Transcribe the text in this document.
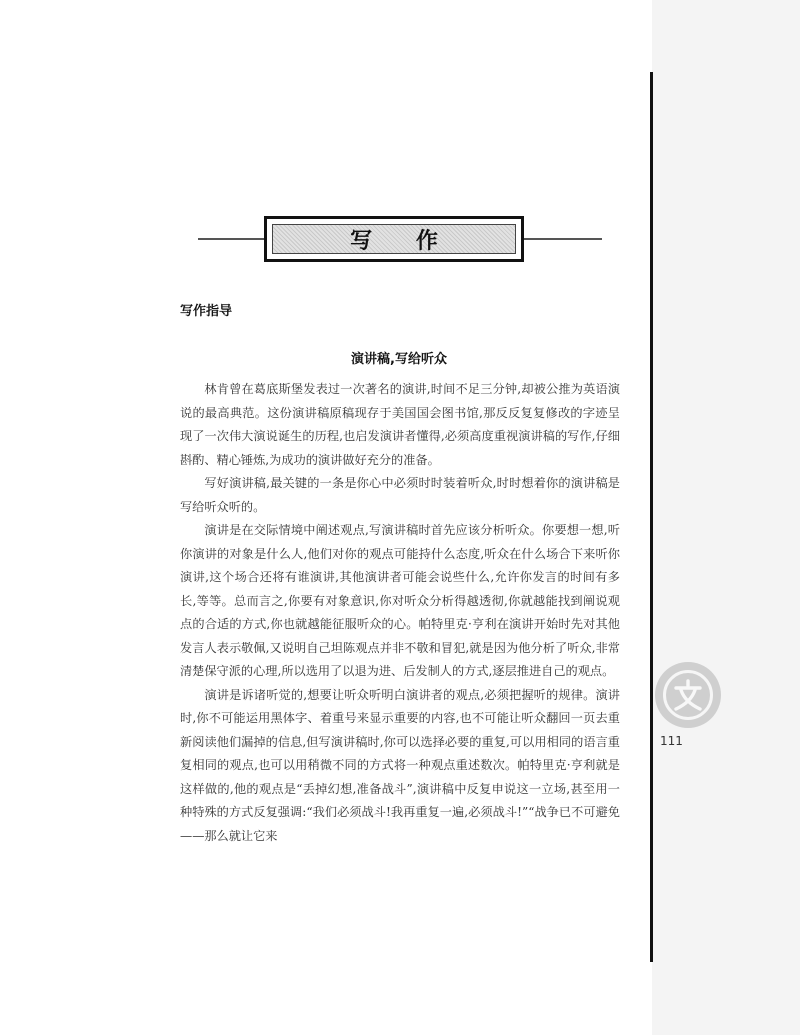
写 作
写作指导
演讲稿,写给听众

林肯曾在葛底斯堡发表过一次著名的演讲,时间不足三分钟,却被公推为英语演说的最高典范。这份演讲稿原稿现存于美国国会图书馆,那反反复复修改的字迹呈现了一次伟大演说诞生的历程,也启发演讲者懂得,必须高度重视演讲稿的写作,仔细斟酌、精心锤炼,为成功的演讲做好充分的准备。

写好演讲稿,最关键的一条是你心中必须时时装着听众,时时想着你的演讲稿是写给听众听的。

演讲是在交际情境中阐述观点,写演讲稿时首先应该分析听众。你要想一想,听你演讲的对象是什么人,他们对你的观点可能持什么态度,听众在什么场合下来听你演讲,这个场合还将有谁演讲,其他演讲者可能会说些什么,允许你发言的时间有多长,等等。总而言之,你要有对象意识,你对听众分析得越透彻,你就越能找到阐说观点的合适的方式,你也就越能征服听众的心。帕特里克·亨利在演讲开始时先对其他发言人表示敬佩,又说明自己坦陈观点并非不敬和冒犯,就是因为他分析了听众,非常清楚保守派的心理,所以选用了以退为进、后发制人的方式,逐层推进自己的观点。

演讲是诉诸听觉的,想要让听众听明白演讲者的观点,必须把握听的规律。演讲时,你不可能运用黑体字、着重号来显示重要的内容,也不可能让听众翻回一页去重新阅读他们漏掉的信息,但写演讲稿时,你可以选择必要的重复,可以用相同的语言重复相同的观点,也可以用稍微不同的方式将一种观点重述数次。帕特里克·亨利就是这样做的,他的观点是“丢掉幻想,准备战斗”,演讲稿中反复申说这一立场,甚至用一种特殊的方式反复强调:“我们必须战斗!我再重复一遍,必须战斗!”“战争已不可避免——那么就让它来

111
